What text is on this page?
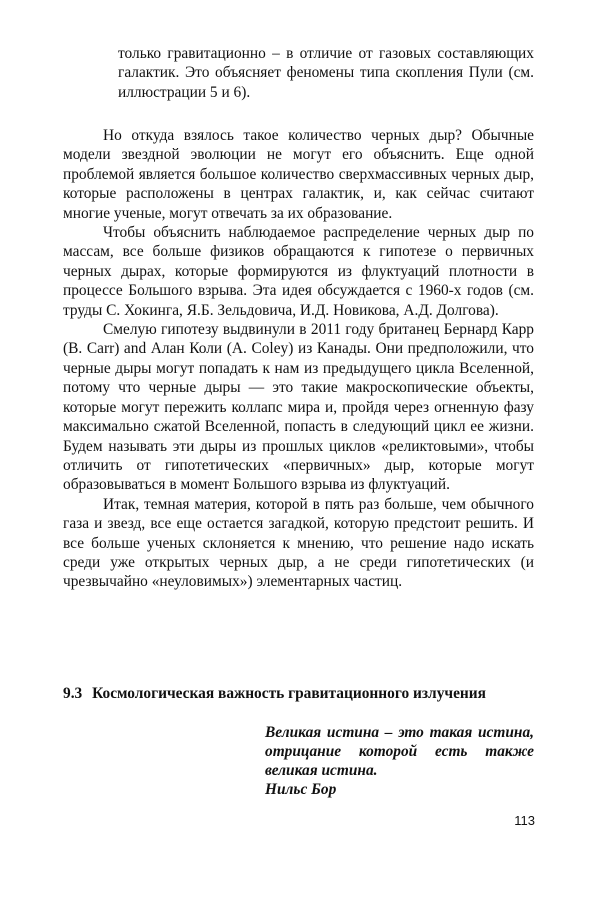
только гравитационно – в отличие от газовых составляющих галактик. Это объясняет феномены типа скопления Пули (см. иллюстрации 5 и 6).

Но откуда взялось такое количество черных дыр? Обычные модели звездной эволюции не могут его объяснить. Еще одной проблемой является большое количество сверхмассивных черных дыр, которые расположены в центрах галактик, и, как сейчас считают многие ученые, могут отвечать за их образование.

Чтобы объяснить наблюдаемое распределение черных дыр по массам, все больше физиков обращаются к гипотезе о первичных черных дырах, которые формируются из флуктуаций плотности в процессе Большого взрыва. Эта идея обсуждается с 1960-х годов (см. труды С. Хокинга, Я.Б. Зельдовича, И.Д. Новикова, А.Д. Долгова).

Смелую гипотезу выдвинули в 2011 году британец Бернард Карр (B. Carr) and Алан Коли (A. Coley) из Канады. Они предположили, что черные дыры могут попадать к нам из предыдущего цикла Вселенной, потому что черные дыры — это такие макроскопические объекты, которые могут пережить коллапс мира и, пройдя через огненную фазу максимально сжатой Вселенной, попасть в следующий цикл ее жизни. Будем называть эти дыры из прошлых циклов «реликтовыми», чтобы отличить от гипотетических «первичных» дыр, которые могут образовываться в момент Большого взрыва из флуктуаций.

Итак, темная материя, которой в пять раз больше, чем обычного газа и звезд, все еще остается загадкой, которую предстоит решить. И все больше ученых склоняется к мнению, что решение надо искать среди уже открытых черных дыр, а не среди гипотетических (и чрезвычайно «неуловимых») элементарных частиц.

9.3 Космологическая важность гравитационного излучения
Великая истина – это такая истина, отрицание которой есть также великая истина.
Нильс Бор
113
